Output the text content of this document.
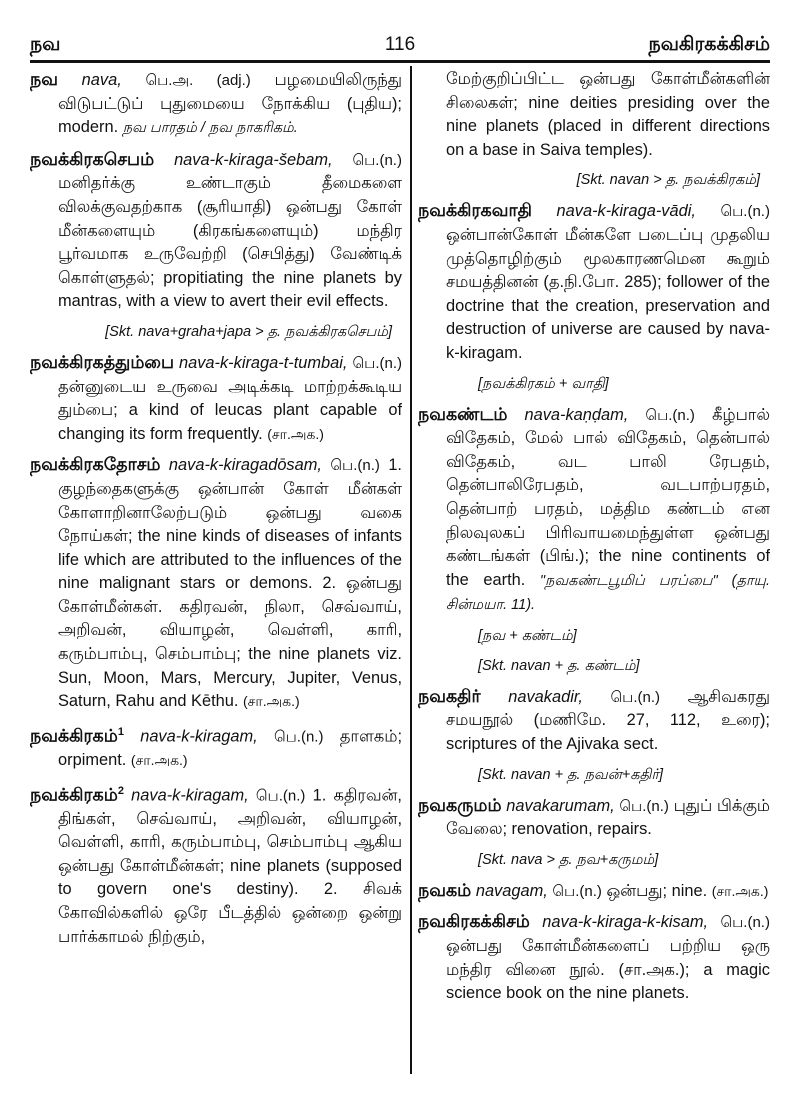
நவ	116	நவகிரகக்கிசம்
நவ nava, பெ.அ. (adj.) பழமையிலிருந்து விடுபட்டுப் புதுமையை நோக்கிய (புதிய); modern. நவ பாரதம் / நவ நாகரிகம்.
நவக்கிரகசெபம் nava-k-kiraga-šebam, பெ.(n.) மனிதர்க்கு உண்டாகும் தீமைகளை விலக்குவதற்காக (சூரியாதி) ஒன்பது கோள் மீன்களையும் (கிரகங்களையும்) மந்திர பூர்வமாக உருவேற்றி (செபித்து) வேண்டிக் கொள்ளுதல்; propitiating the nine planets by mantras, with a view to avert their evil effects.
[Skt. nava+graha+japa > த. நவக்கிரகசெபம்]
நவக்கிரகத்தும்பை nava-k-kiraga-t-tumbai, பெ.(n.) தன்னுடைய உருவை அடிக்கடி மாற்றக்கூடிய தும்பை; a kind of leucas plant capable of changing its form frequently. (சா.அக.)
நவக்கிரகதோசம் nava-k-kiragadōsam, பெ.(n.) 1. குழந்தைகளுக்கு ஒன்பான் கோள் மீன்கள் கோளாறினாலேற்படும் ஒன்பது வகை நோய்கள்; the nine kinds of diseases of infants life which are attributed to the influences of the nine malignant stars or demons. 2. ஒன்பது கோள்மீன்கள். கதிரவன், நிலா, செவ்வாய், அறிவன், வியாழன், வெள்ளி, காரி, கரும்பாம்பு, செம்பாம்பு; the nine planets viz. Sun, Moon, Mars, Mercury, Jupiter, Venus, Saturn, Rahu and Kēthu. (சா.அக.)
நவக்கிரகம்$^1$ nava-k-kiragam, பெ.(n.) தாளகம்; orpiment. (சா.அக.)
நவக்கிரகம்$^2$ nava-k-kiragam, பெ.(n.) 1. கதிரவன், திங்கள், செவ்வாய், அறிவன், வியாழன், வெள்ளி, காரி, கரும்பாம்பு, செம்பாம்பு ஆகிய ஒன்பது கோள்மீன்கள்; nine planets (supposed to govern one's destiny). 2. சிவக் கோவில்களில் ஒரே பீடத்தில் ஒன்றை ஒன்று பார்க்காமல் நிற்கும்,
மேற்குறிப்பிட்ட ஒன்பது கோள்மீன்களின் சிலைகள்; nine deities presiding over the nine planets (placed in different directions on a base in Saiva temples).
[Skt. navan > த. நவக்கிரகம்]
நவக்கிரகவாதி nava-k-kiraga-vādi, பெ.(n.) ஒன்பான்கோள் மீன்களே படைப்பு முதலிய முத்தொழிற்கும் மூலகாரணமென கூறும் சமயத்தினன் (த.நி.போ. 285); follower of the doctrine that the creation, preservation and destruction of universe are caused by nava-k-kiragam.
[நவக்கிரகம் + வாதி]
நவகண்டம் nava-kaṇḍam, பெ.(n.) கீழ்பால் விதேகம், மேல் பால் விதேகம், தென்பால் விதேகம், வட பாலி ரேபதம், தென்பாலிரேபதம், வடபாற்பரதம், தென்பாற் பரதம், மத்திம கண்டம் என நிலவுலகப் பிரிவாயமைந்துள்ள ஒன்பது கண்டங்கள் (பிங்.); the nine continents of the earth. "நவகண்டபூமிப் பரப்பை" (தாயு. சின்மயா. 11).
[நவ + கண்டம்]
[Skt. navan + த. கண்டம்]
நவகதிர் navakadir, பெ.(n.) ஆசிவகரது சமயநூல் (மணிமே. 27, 112, உரை); scriptures of the Ajivaka sect.
[Skt. navan + த. நவன்+கதிர்]
நவகருமம் navakarumam, பெ.(n.) புதுப் பிக்கும் வேலை; renovation, repairs.
[Skt. nava > த. நவ+கருமம்]
நவகம் navagam, பெ.(n.) ஒன்பது; nine. (சா.அக.)
நவகிரகக்கிசம் nava-k-kiraga-k-kisam, பெ.(n.) ஒன்பது கோள்மீன்களைப் பற்றிய ஒரு மந்திர வினை நூல். (சா.அக.); a magic science book on the nine planets.
